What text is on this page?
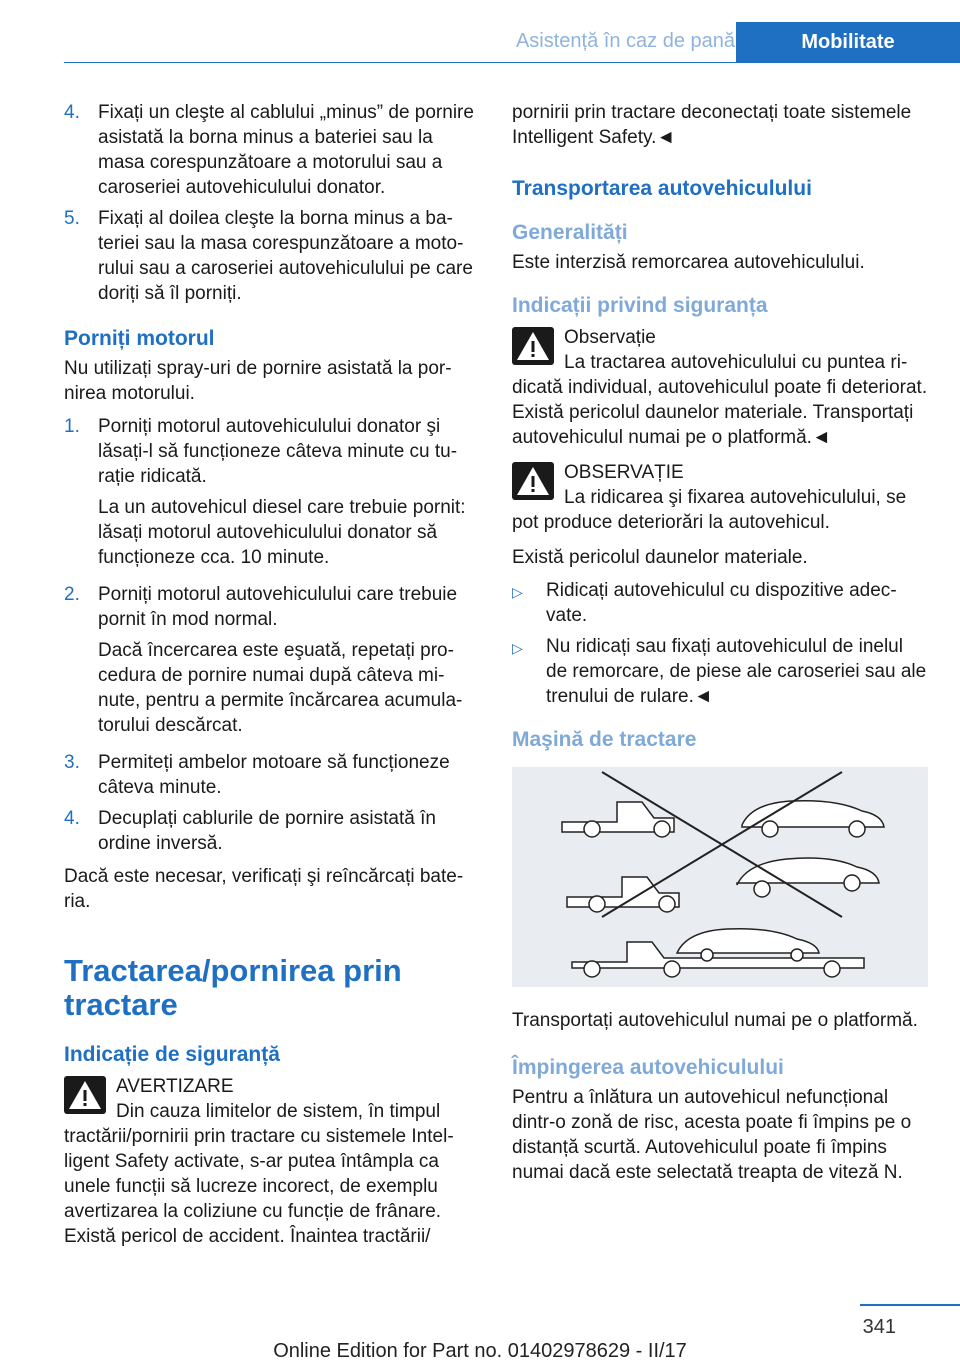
Asistență în caz de pană	Mobilitate
4. Fixați un cleşte al cablului „minus” de pornire asistată la borna minus a bateriei sau la masa corespunzătoare a motorului sau a caroseriei autovehiculului donator.
5. Fixați al doilea cleşte la borna minus a bateriei sau la masa corespunzătoare a motorului sau a caroseriei autovehiculului pe care doriți să îl porniți.
Porniți motorul

Nu utilizați spray-uri de pornire asistată la pornirea motorului.

1. Porniți motorul autovehiculului donator şi lăsați-l să funcționeze câteva minute cu turație ridicată.

La un autovehicul diesel care trebuie pornit: lăsați motorul autovehiculului donator să funcționeze cca. 10 minute.

2. Porniți motorul autovehiculului care trebuie pornit în mod normal.

Dacă încercarea este eşuată, repetați procedura de pornire numai după câteva minute, pentru a permite încărcarea acumulatorului descărcat.

3. Permiteți ambelor motoare să funcționeze câteva minute.
4. Decuplați cablurile de pornire asistată în ordine inversă.

Dacă este necesar, verificați şi reîncărcați bateria.

Tractarea/pornirea prin tractare
Indicație de siguranță
AVERTIZARE
Din cauza limitelor de sistem, în timpul tractării/pornirii prin tractare cu sistemele Intelligent Safety activate, s-ar putea întâmpla ca unele funcții să lucreze incorect, de exemplu avertizarea la coliziune cu funcție de frânare. Există pericol de accident. Înaintea tractării/

pornirii prin tractare deconectați toate sistemele Intelligent Safety.◄

Transportarea autovehiculului
Generalități

Este interzisă remorcarea autovehiculului.

Indicații privind siguranța
Observație
La tractarea autovehiculului cu puntea ridicată individual, autovehiculul poate fi deteriorat. Există pericolul daunelor materiale. Transportați autovehiculul numai pe o platformă.◄
OBSERVAȚIE
La ridicarea şi fixarea autovehiculului, se pot produce deteriorări la autovehicul.

Există pericolul daunelor materiale.

▷	Ridicați autovehiculul cu dispozitive adecvate.
▷	Nu ridicați sau fixați autovehiculul de inelul de remorcare, de piese ale caroseriei sau ale trenului de rulare.◄
Maşină de tractare

Transportați autovehiculul numai pe o platformă.

Împingerea autovehiculului

Pentru a înlătura un autovehicul nefuncțional dintr-o zonă de risc, acesta poate fi împins pe o distanță scurtă. Autovehiculul poate fi împins numai dacă este selectată treapta de viteză N.

341
Online Edition for Part no. 01402978629 - II/17
